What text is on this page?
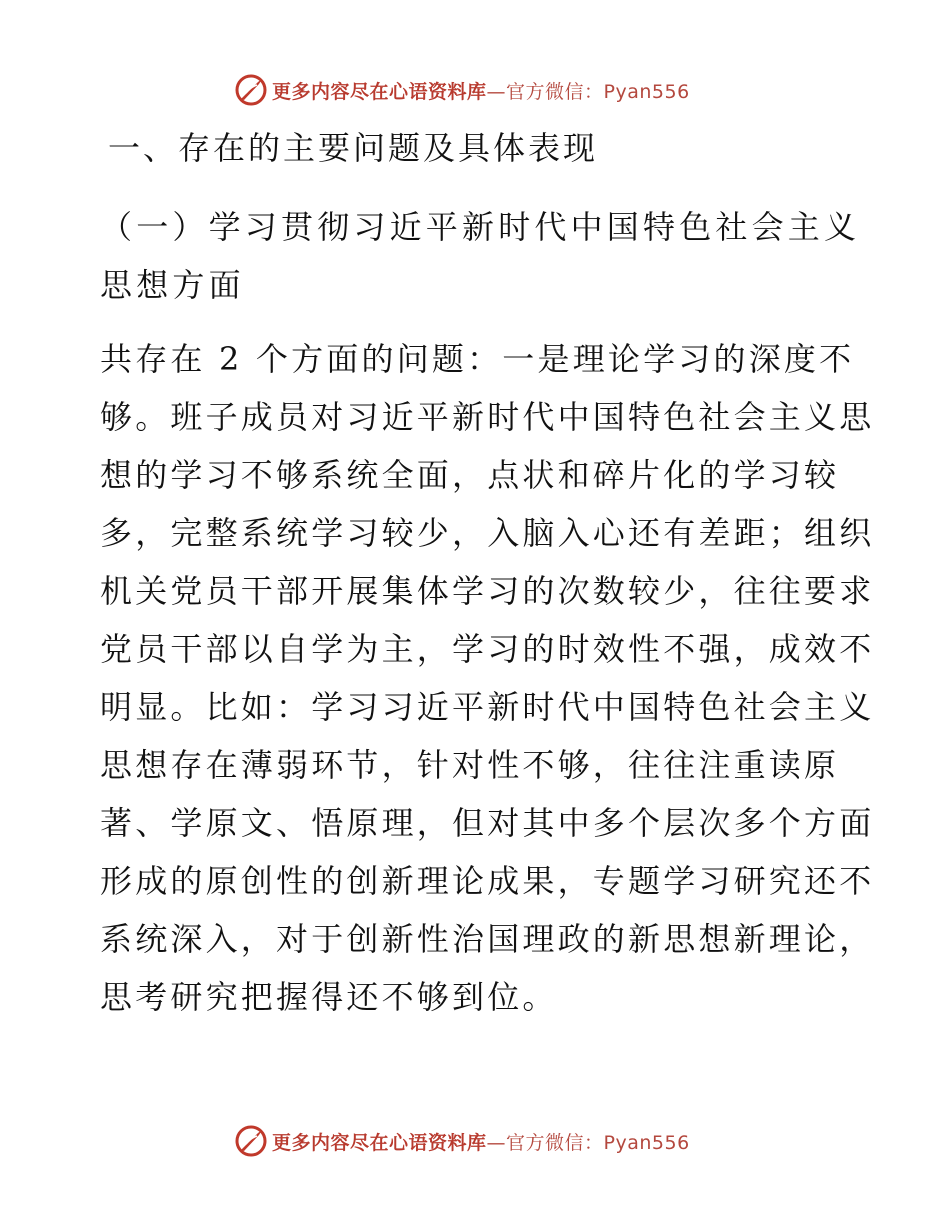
更多内容尽在心语资料库 —官方微信：Pyan556
一、存在的主要问题及具体表现
（一）学习贯彻习近平新时代中国特色社会主义
思想方面
共存在 2 个方面的问题：一是理论学习的深度不
够。班子成员对习近平新时代中国特色社会主义思
想的学习不够系统全面，点状和碎片化的学习较
多，完整系统学习较少，入脑入心还有差距；组织
机关党员干部开展集体学习的次数较少，往往要求
党员干部以自学为主，学习的时效性不强，成效不
明显。比如：学习习近平新时代中国特色社会主义
思想存在薄弱环节，针对性不够，往往注重读原
著、学原文、悟原理，但对其中多个层次多个方面
形成的原创性的创新理论成果，专题学习研究还不
系统深入，对于创新性治国理政的新思想新理论，
思考研究把握得还不够到位。
更多内容尽在心语资料库 —官方微信：Pyan556
